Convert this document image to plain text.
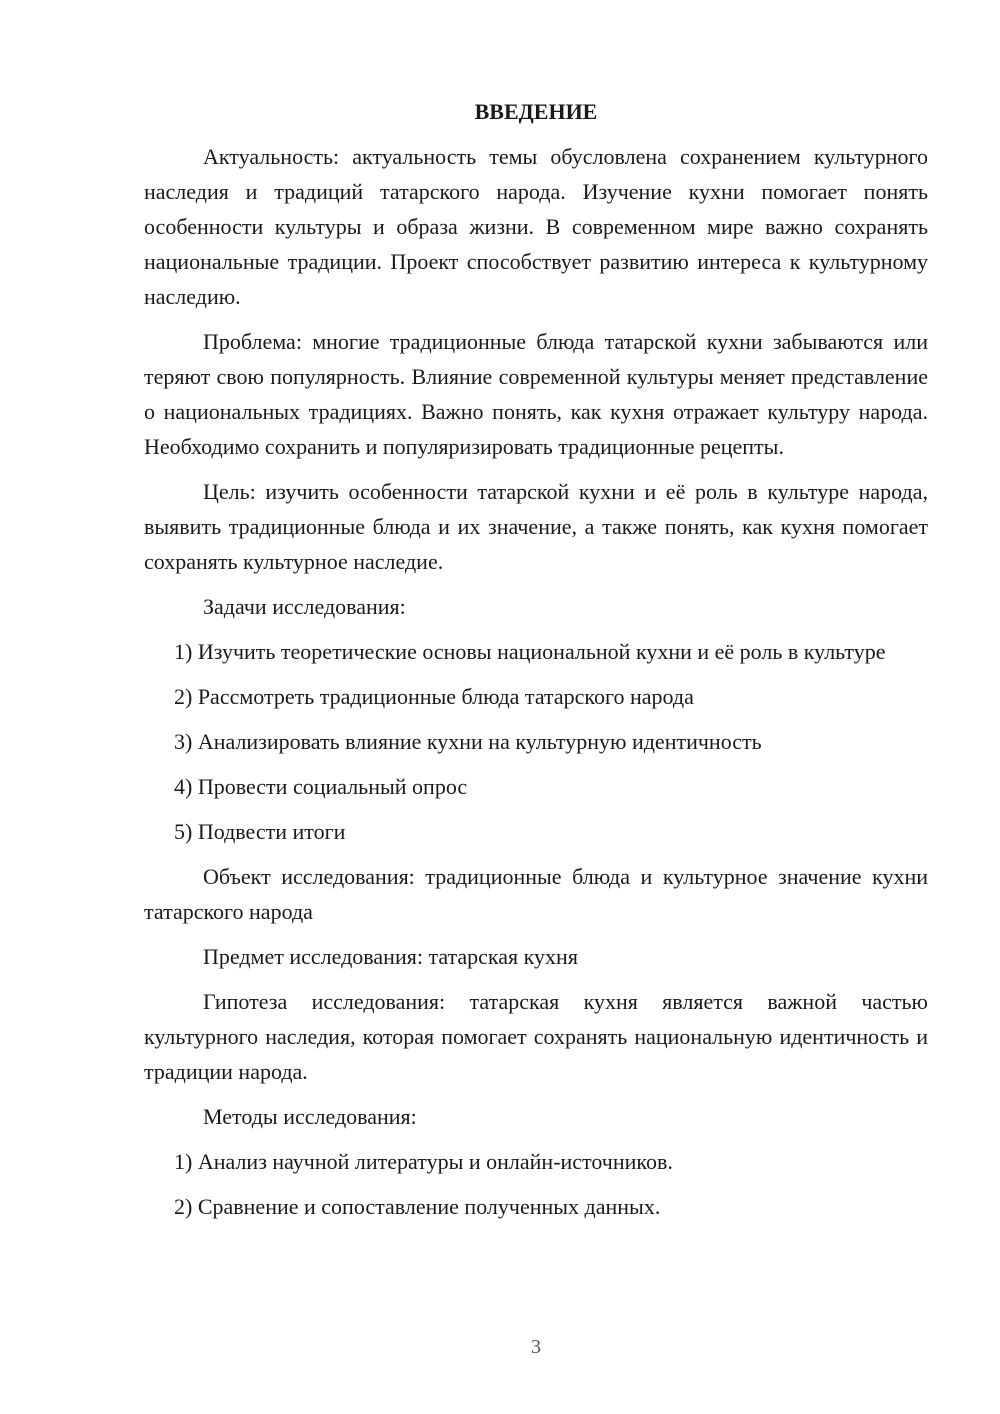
ВВЕДЕНИЕ

Актуальность: актуальность темы обусловлена сохранением культурного наследия и традиций татарского народа. Изучение кухни помогает понять особенности культуры и образа жизни. В современном мире важно сохранять национальные традиции. Проект способствует развитию интереса к культурному наследию.

Проблема: многие традиционные блюда татарской кухни забываются или теряют свою популярность. Влияние современной культуры меняет представление о национальных традициях. Важно понять, как кухня отражает культуру народа. Необходимо сохранить и популяризировать традиционные рецепты.

Цель: изучить особенности татарской кухни и её роль в культуре народа, выявить традиционные блюда и их значение, а также понять, как кухня помогает сохранять культурное наследие.

Задачи исследования:

1) Изучить теоретические основы национальной кухни и её роль в культуре

2) Рассмотреть традиционные блюда татарского народа

3) Анализировать влияние кухни на культурную идентичность

4) Провести социальный опрос

5) Подвести итоги

Объект исследования: традиционные блюда и культурное значение кухни татарского народа

Предмет исследования: татарская кухня

Гипотеза исследования: татарская кухня является важной частью культурного наследия, которая помогает сохранять национальную идентичность и традиции народа.

Методы исследования:

1) Анализ научной литературы и онлайн-источников.

2) Сравнение и сопоставление полученных данных.

3
